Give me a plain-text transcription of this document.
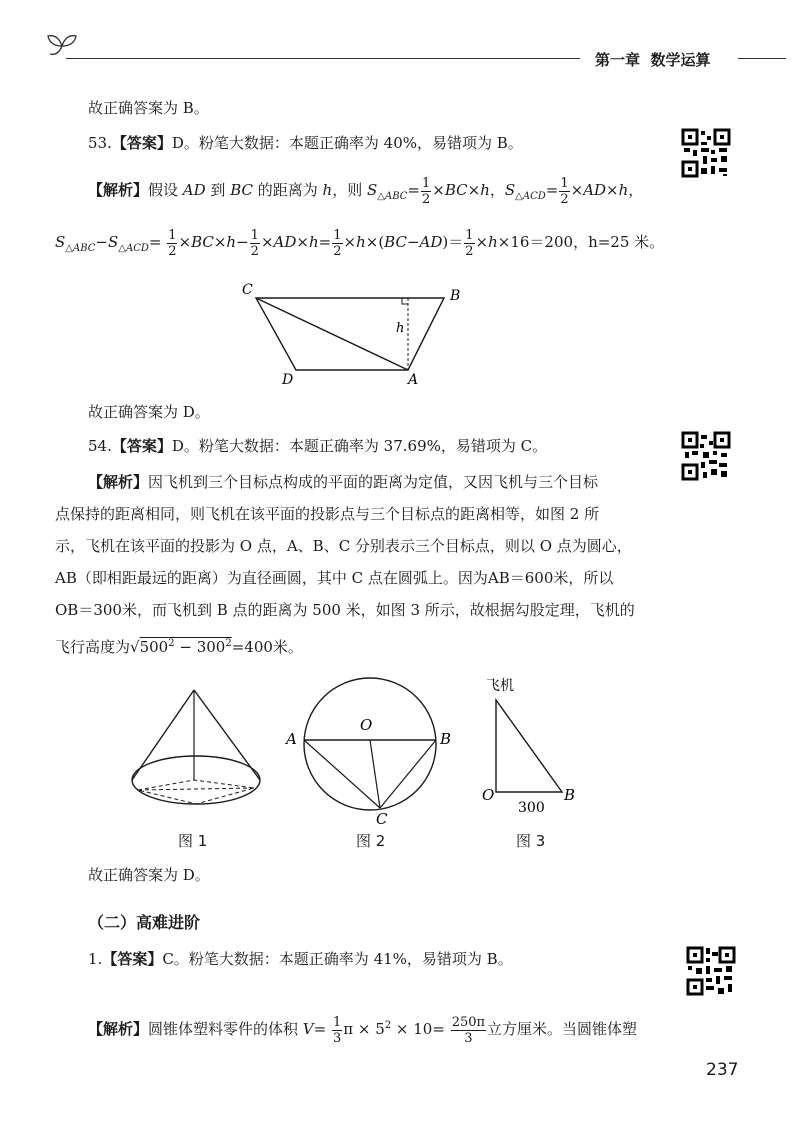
第一章 数学运算
故正确答案为 B。
53.【答案】D。粉笔大数据：本题正确率为 40%，易错项为 B。
【解析】假设 AD 到 BC 的距离为 h，则 $S_{\triangle ABC}= \frac{1}{2} \times BC\times h$，$S_{\triangle ACD}= \frac{1}{2} \times AD\times h$，
$S_{\triangle ABC}-S_{\triangle ACD}= \frac{1}{2} \times BC\times h- \frac{1}{2} \times AD\times h= \frac{1}{2} \times h\times(BC-AD)= \frac{1}{2} \times h\times 16=200$，h=25 米。
C	B
D	A
h
故正确答案为 D。
54.【答案】D。粉笔大数据：本题正确率为 37.69%，易错项为 C。
【解析】因飞机到三个目标点构成的平面的距离为定值，又因飞机与三个目标
点保持的距离相同，则飞机在该平面的投影点与三个目标点的距离相等，如图 2 所
示，飞机在该平面的投影为 O 点，A、B、C 分别表示三个目标点，则以 O 点为圆心，
AB（即相距最远的距离）为直径画圆，其中 C 点在圆弧上。因为AB＝600米，所以
OB＝300米，而飞机到 B 点的距离为 500 米，如图 3 所示，故根据勾股定理，飞机的
飞行高度为$√500^2 - 300^2=400$米。
O
A	B
C
飞机
O	B
300
图 1	图 2	图 3
故正确答案为 D。
（二）高难进阶
1.【答案】C。粉笔大数据：本题正确率为 41%，易错项为 B。
【解析】圆锥体塑料零件的体积 $V= \frac{1}{3}$ $\pi \times 5^2 \times 10= \frac{250\pi}{3}$ 立方厘米。当圆锥体塑
237
